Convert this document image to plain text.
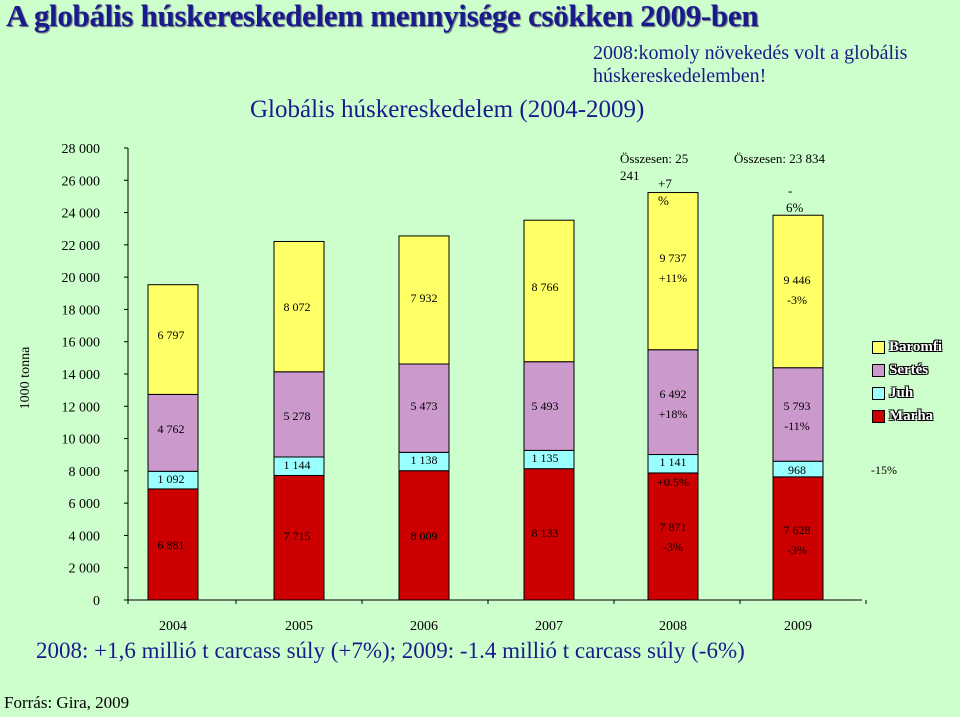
A globális húskereskedelem mennyisége csökken 2009-ben
2008:komoly növekedés volt a globális húskereskedelemben!
Globális húskereskedelem (2004-2009)
1000 tonna
0
2 000
4 000
6 000
8 000
10 000
12 000
14 000
16 000
18 000
20 000
22 000
24 000
26 000
28 000
2004	2005	2006	2007	2008	2009
6 881
1 092
4 762
6 797
7 715
1 144
5 278
8 072
8 009
1 138
5 473
7 932
8 133
1 135
5 493
8 766
7 871
-3%
1 141
+0.5%
6 492
+18%
9 737
+11%
7 628
-3%
968
5 793
-11%
9 446
-3%
-15%
Összesen: 25
241
+7
%
Összesen: 23 834
-
6%
Baromfi
Sertés
Juh
Marha
2008: +1,6 millió t carcass súly (+7%); 2009: -1.4 millió t carcass súly (-6%)
Forrás: Gira, 2009
